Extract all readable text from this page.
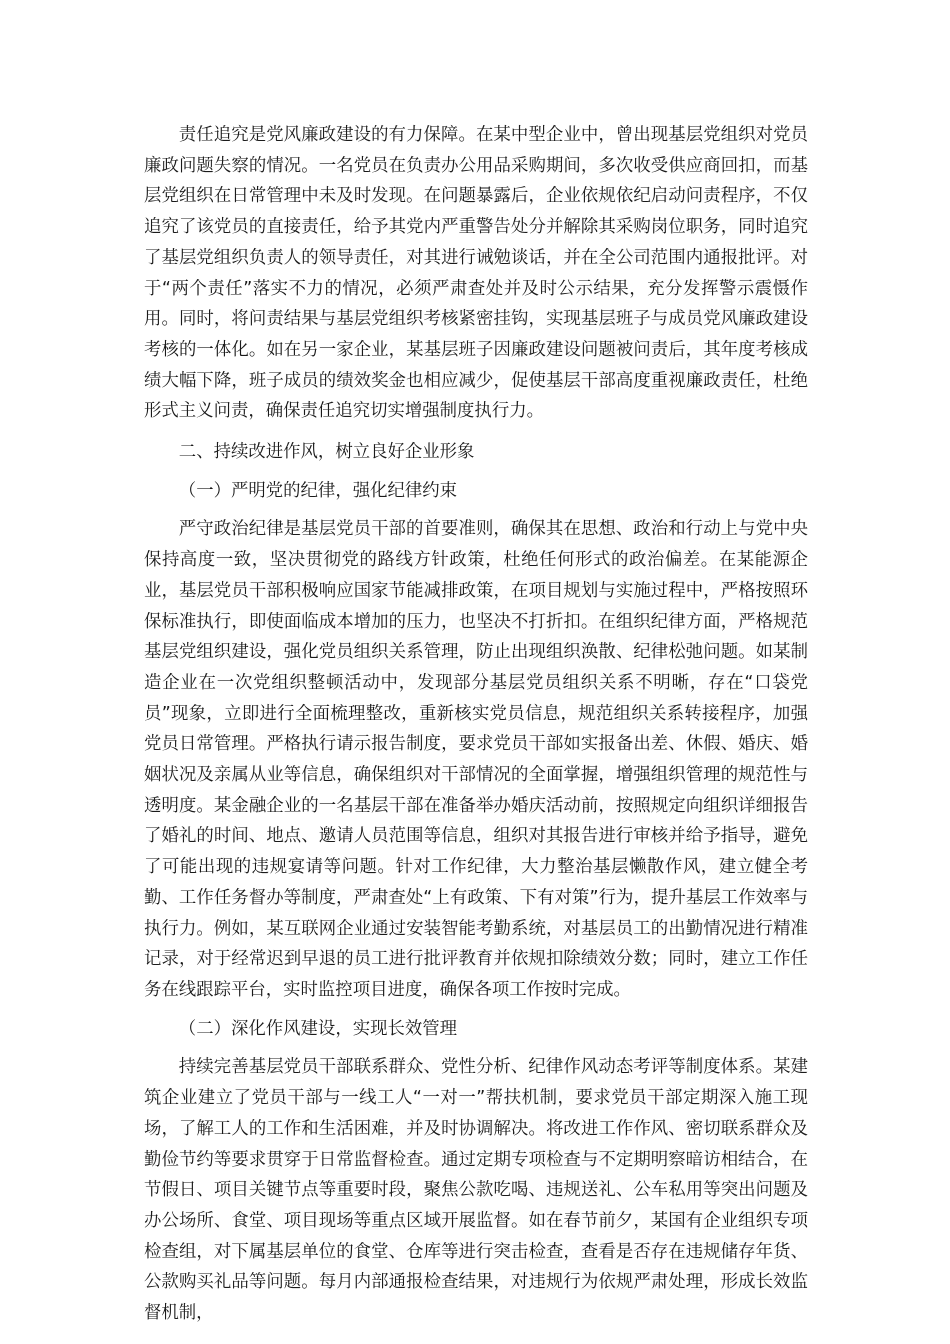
责任追究是党风廉政建设的有力保障。在某中型企业中，曾出现基层党组织对党员廉政问题失察的情况。一名党员在负责办公用品采购期间，多次收受供应商回扣，而基层党组织在日常管理中未及时发现。在问题暴露后，企业依规依纪启动问责程序，不仅追究了该党员的直接责任，给予其党内严重警告处分并解除其采购岗位职务，同时追究了基层党组织负责人的领导责任，对其进行诫勉谈话，并在全公司范围内通报批评。对于“两个责任”落实不力的情况，必须严肃查处并及时公示结果，充分发挥警示震慑作用。同时，将问责结果与基层党组织考核紧密挂钩，实现基层班子与成员党风廉政建设考核的一体化。如在另一家企业，某基层班子因廉政建设问题被问责后，其年度考核成绩大幅下降，班子成员的绩效奖金也相应减少，促使基层干部高度重视廉政责任，杜绝形式主义问责，确保责任追究切实增强制度执行力。

二、持续改进作风，树立良好企业形象

（一）严明党的纪律，强化纪律约束

严守政治纪律是基层党员干部的首要准则，确保其在思想、政治和行动上与党中央保持高度一致，坚决贯彻党的路线方针政策，杜绝任何形式的政治偏差。在某能源企业，基层党员干部积极响应国家节能减排政策，在项目规划与实施过程中，严格按照环保标准执行，即使面临成本增加的压力，也坚决不打折扣。在组织纪律方面，严格规范基层党组织建设，强化党员组织关系管理，防止出现组织涣散、纪律松弛问题。如某制造企业在一次党组织整顿活动中，发现部分基层党员组织关系不明晰，存在“口袋党员”现象，立即进行全面梳理整改，重新核实党员信息，规范组织关系转接程序，加强党员日常管理。严格执行请示报告制度，要求党员干部如实报备出差、休假、婚庆、婚姻状况及亲属从业等信息，确保组织对干部情况的全面掌握，增强组织管理的规范性与透明度。某金融企业的一名基层干部在准备举办婚庆活动前，按照规定向组织详细报告了婚礼的时间、地点、邀请人员范围等信息，组织对其报告进行审核并给予指导，避免了可能出现的违规宴请等问题。针对工作纪律，大力整治基层懒散作风，建立健全考勤、工作任务督办等制度，严肃查处“上有政策、下有对策”行为，提升基层工作效率与执行力。例如，某互联网企业通过安装智能考勤系统，对基层员工的出勤情况进行精准记录，对于经常迟到早退的员工进行批评教育并依规扣除绩效分数；同时，建立工作任务在线跟踪平台，实时监控项目进度，确保各项工作按时完成。

（二）深化作风建设，实现长效管理

持续完善基层党员干部联系群众、党性分析、纪律作风动态考评等制度体系。某建筑企业建立了党员干部与一线工人“一对一”帮扶机制，要求党员干部定期深入施工现场，了解工人的工作和生活困难，并及时协调解决。将改进工作作风、密切联系群众及勤俭节约等要求贯穿于日常监督检查。通过定期专项检查与不定期明察暗访相结合，在节假日、项目关键节点等重要时段，聚焦公款吃喝、违规送礼、公车私用等突出问题及办公场所、食堂、项目现场等重点区域开展监督。如在春节前夕，某国有企业组织专项检查组，对下属基层单位的食堂、仓库等进行突击检查，查看是否存在违规储存年货、公款购买礼品等问题。每月内部通报检查结果，对违规行为依规严肃处理，形成长效监督机制，
